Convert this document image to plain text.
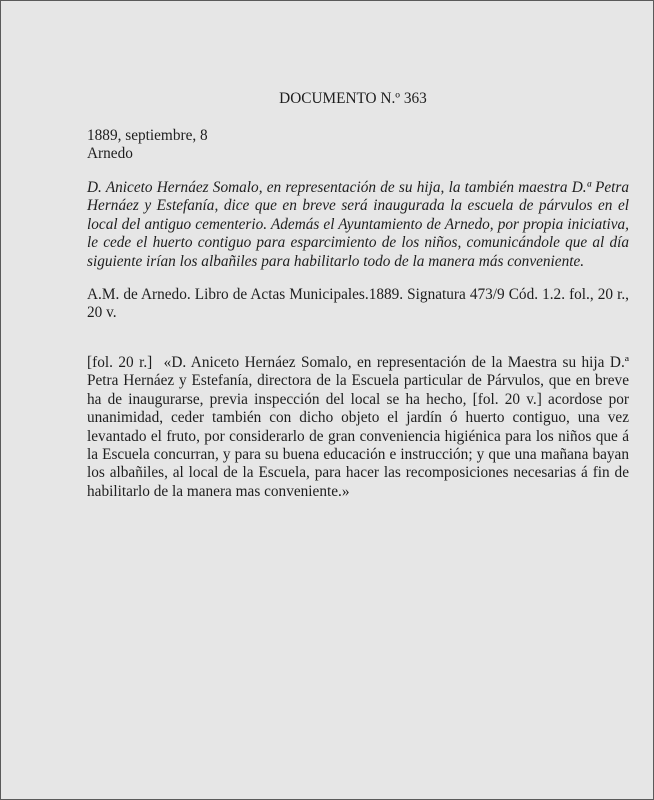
DOCUMENTO N.º 363
1889, septiembre, 8
Arnedo

D. Aniceto Hernáez Somalo, en representación de su hija, la también maestra D.ª Petra Hernáez y Estefanía, dice que en breve será inaugurada la escuela de párvulos en el local del antiguo cementerio. Además el Ayuntamiento de Arnedo, por propia iniciativa, le cede el huerto contiguo para esparcimiento de los niños, comunicándole que al día siguiente irían los albañiles para habilitarlo todo de la manera más conveniente.

A.M. de Arnedo. Libro de Actas Municipales.1889. Signatura 473/9 Cód. 1.2. fol., 20 r., 20 v.

[fol. 20 r.] «D. Aniceto Hernáez Somalo, en representación de la Maestra su hija D.ª Petra Hernáez y Estefanía, directora de la Escuela particular de Párvulos, que en breve ha de inaugurarse, previa inspección del local se ha hecho, [fol. 20 v.] acordose por unanimidad, ceder también con dicho objeto el jardín ó huerto contiguo, una vez levantado el fruto, por considerarlo de gran conveniencia higiénica para los niños que á la Escuela concurran, y para su buena educación e instrucción; y que una mañana bayan los albañiles, al local de la Escuela, para hacer las recomposiciones necesarias á fin de habilitarlo de la manera mas conveniente.»
